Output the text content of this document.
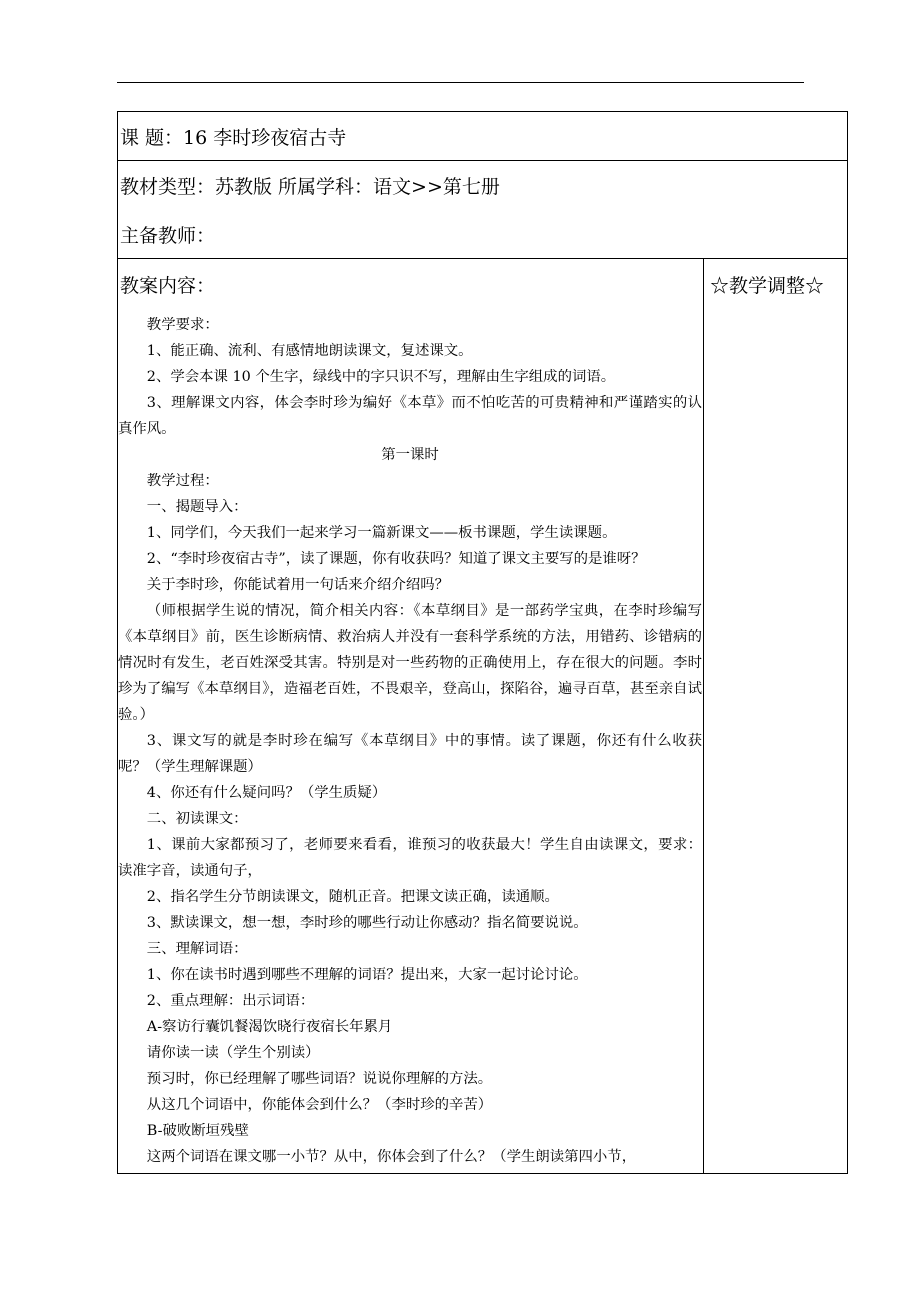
课 题：16 李时珍夜宿古寺
教材类型：苏教版 所属学科：语文>>第七册
主备教师：
教案内容：	☆教学调整☆

教学要求：

1、能正确、流利、有感情地朗读课文，复述课文。

2、学会本课 10 个生字，绿线中的字只识不写，理解由生字组成的词语。

3、理解课文内容，体会李时珍为编好《本草》而不怕吃苦的可贵精神和严谨踏实的认真作风。

第一课时

教学过程：

一、揭题导入：

1、同学们，今天我们一起来学习一篇新课文——板书课题，学生读课题。

2、“李时珍夜宿古寺”，读了课题，你有收获吗？知道了课文主要写的是谁呀？

关于李时珍，你能试着用一句话来介绍介绍吗？

（师根据学生说的情况，简介相关内容：《本草纲目》是一部药学宝典，在李时珍编写《本草纲目》前，医生诊断病情、救治病人并没有一套科学系统的方法，用错药、诊错病的情况时有发生，老百姓深受其害。特别是对一些药物的正确使用上，存在很大的问题。李时珍为了编写《本草纲目》，造福老百姓，不畏艰辛，登高山，探陷谷，遍寻百草，甚至亲自试验。）

3、课文写的就是李时珍在编写《本草纲目》中的事情。读了课题，你还有什么收获呢？（学生理解课题）

4、你还有什么疑问吗？（学生质疑）

二、初读课文：

1、课前大家都预习了，老师要来看看，谁预习的收获最大！学生自由读课文，要求：读准字音，读通句子，

2、指名学生分节朗读课文，随机正音。把课文读正确，读通顺。

3、默读课文，想一想，李时珍的哪些行动让你感动？指名简要说说。

三、理解词语：

1、你在读书时遇到哪些不理解的词语？提出来，大家一起讨论讨论。

2、重点理解：出示词语：

A-察访行囊饥餐渴饮晓行夜宿长年累月

请你读一读（学生个别读）

预习时，你已经理解了哪些词语？说说你理解的方法。

从这几个词语中，你能体会到什么？（李时珍的辛苦）

B-破败断垣残壁

这两个词语在课文哪一小节？从中，你体会到了什么？（学生朗读第四小节，
